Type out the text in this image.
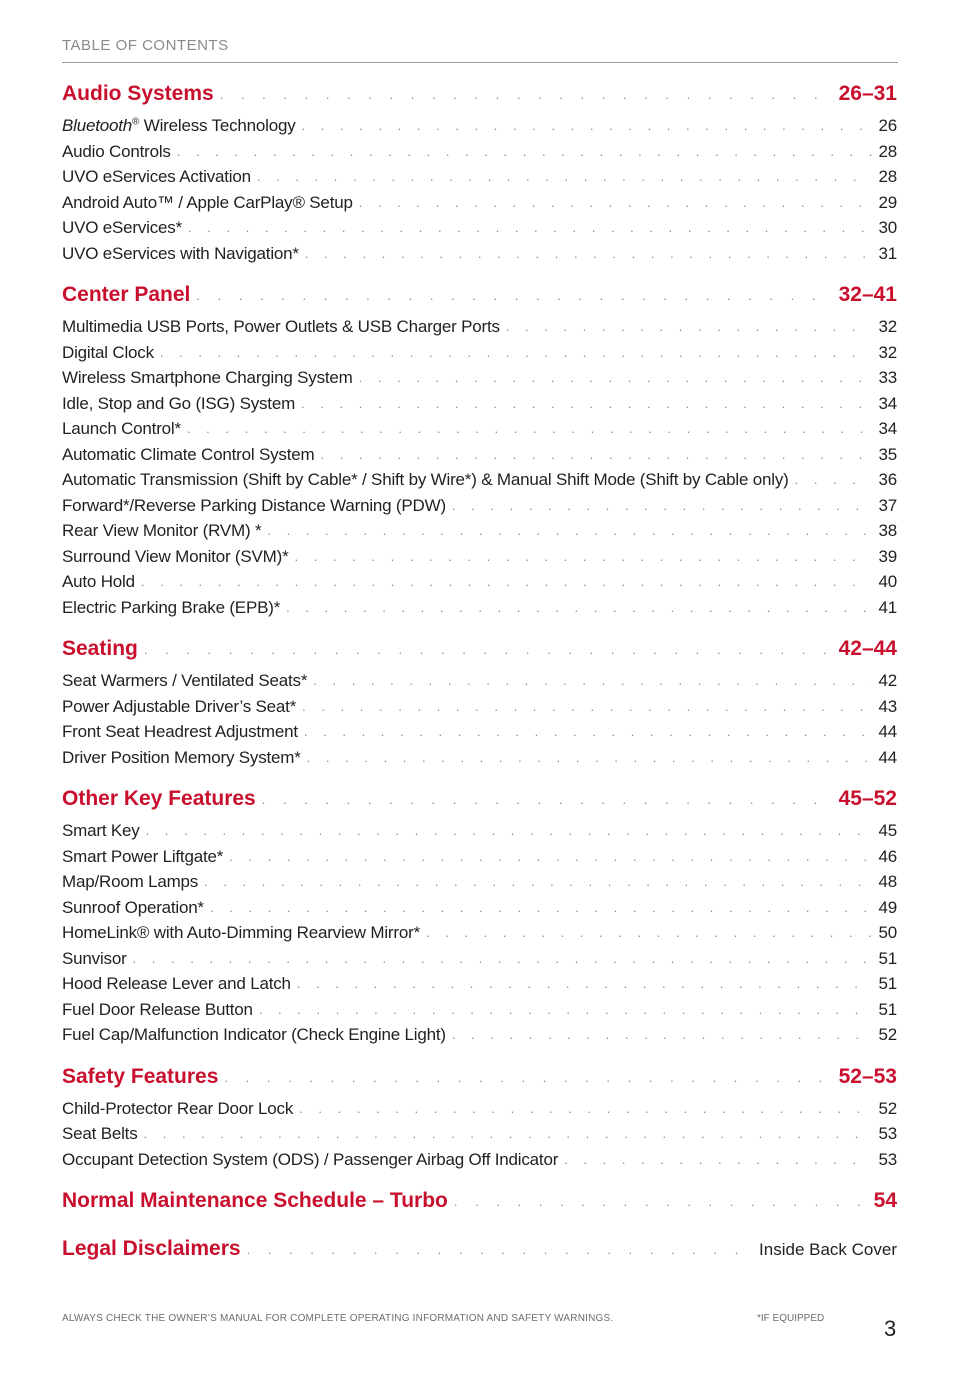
TABLE OF CONTENTS
Audio Systems . . .	26–31
Bluetooth® Wireless Technology . . .	26
Audio Controls . . .	28
UVO eServices Activation . . .	28
Android Auto™ / Apple CarPlay® Setup . . .	29
UVO eServices* . . .	30
UVO eServices with Navigation* . . .	31
Center Panel . . .	32–41
Multimedia USB Ports, Power Outlets & USB Charger Ports . . .	32
Digital Clock . . .	32
Wireless Smartphone Charging System . . .	33
Idle, Stop and Go (ISG) System . . .	34
Launch Control* . . .	34
Automatic Climate Control System . . .	35
Automatic Transmission (Shift by Cable* / Shift by Wire*) & Manual Shift Mode (Shift by Cable only) . . .	36
Forward*/Reverse Parking Distance Warning (PDW) . . .	37
Rear View Monitor (RVM) * . . .	38
Surround View Monitor (SVM)* . . .	39
Auto Hold . . .	40
Electric Parking Brake (EPB)* . . .	41
Seating . . .	42–44
Seat Warmers / Ventilated Seats* . . .	42
Power Adjustable Driver’s Seat* . . .	43
Front Seat Headrest Adjustment . . .	44
Driver Position Memory System* . . .	44
Other Key Features . . .	45–52
Smart Key . . .	45
Smart Power Liftgate* . . .	46
Map/Room Lamps . . .	48
Sunroof Operation* . . .	49
HomeLink® with Auto-Dimming Rearview Mirror* . . .	50
Sunvisor . . .	51
Hood Release Lever and Latch . . .	51
Fuel Door Release Button . . .	51
Fuel Cap/Malfunction Indicator (Check Engine Light) . . .	52
Safety Features . . .	52–53
Child-Protector Rear Door Lock . . .	52
Seat Belts . . .	53
Occupant Detection System (ODS) / Passenger Airbag Off Indicator . . .	53
Normal Maintenance Schedule – Turbo . . .	54
Legal Disclaimers . . .	Inside Back Cover
ALWAYS CHECK THE OWNER’S MANUAL FOR COMPLETE OPERATING INFORMATION AND SAFETY WARNINGS.	*IF EQUIPPED	3
